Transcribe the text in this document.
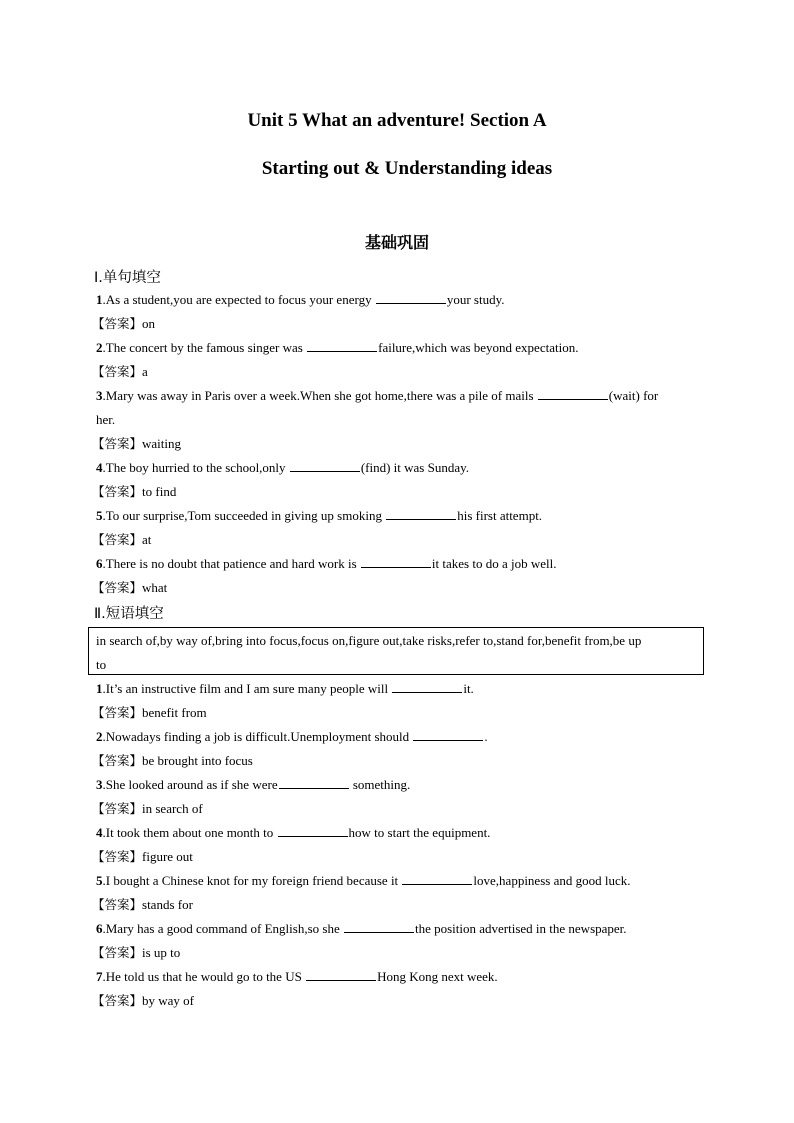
Unit 5 What an adventure! Section A
Starting out & Understanding ideas
基础巩固
Ⅰ.单句填空
1.As a student,you are expected to focus your energy	your study.
【答案】on
2.The concert by the famous singer was	failure,which was beyond expectation.
【答案】a
3.Mary was away in Paris over a week.When she got home,there was a pile of mails	(wait) for
her.
【答案】waiting
4.The boy hurried to the school,only	(find) it was Sunday.
【答案】to find
5.To our surprise,Tom succeeded in giving up smoking	his first attempt.
【答案】at
6.There is no doubt that patience and hard work is	it takes to do a job well.
【答案】what
Ⅱ.短语填空
in search of,by way of,bring into focus,focus on,figure out,take risks,refer to,stand for,benefit from,be up
to
1.It’s an instructive film and I am sure many people will	it.
【答案】benefit from
2.Nowadays finding a job is difficult.Unemployment should	.
【答案】be brought into focus
3.She looked around as if she were	something.
【答案】in search of
4.It took them about one month to	how to start the equipment.
【答案】figure out
5.I bought a Chinese knot for my foreign friend because it	love,happiness and good luck.
【答案】stands for
6.Mary has a good command of English,so she	the position advertised in the newspaper.
【答案】is up to
7.He told us that he would go to the US	Hong Kong next week.
【答案】by way of
